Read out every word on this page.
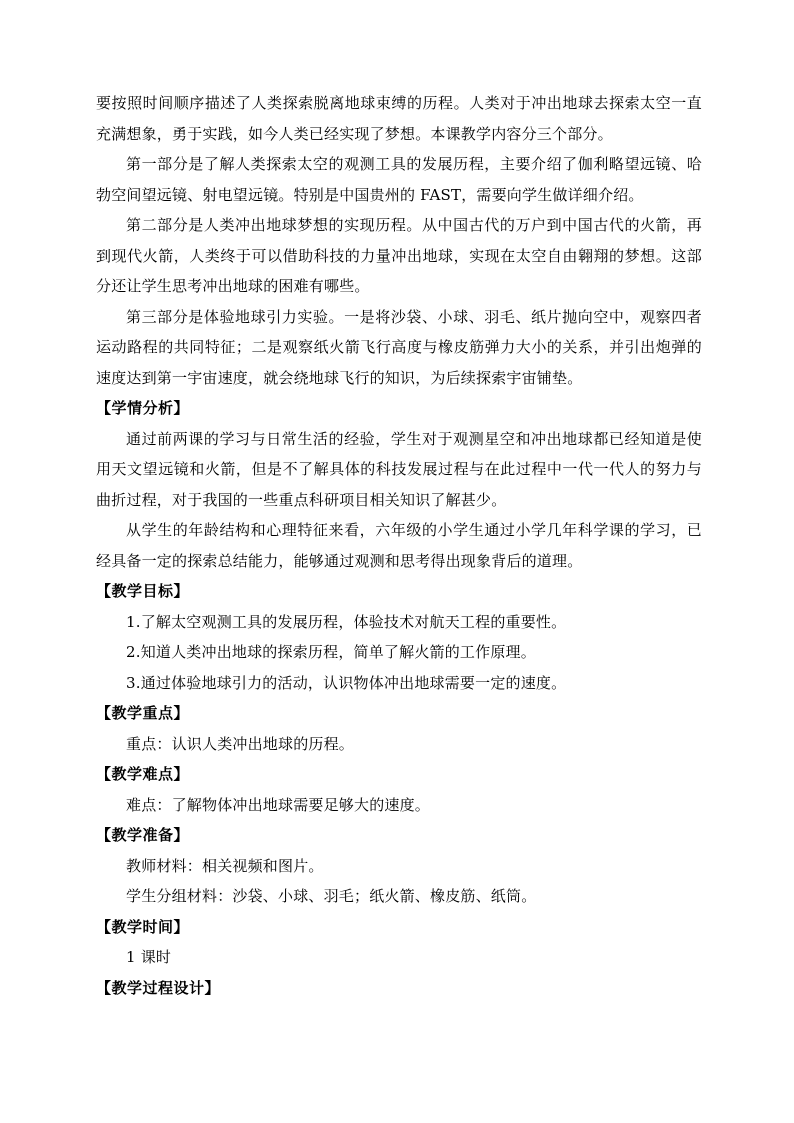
要按照时间顺序描述了人类探索脱离地球束缚的历程。人类对于冲出地球去探索太空一直充满想象，勇于实践，如今人类已经实现了梦想。本课教学内容分三个部分。

第一部分是了解人类探索太空的观测工具的发展历程，主要介绍了伽利略望远镜、哈勃空间望远镜、射电望远镜。特别是中国贵州的 FAST，需要向学生做详细介绍。

第二部分是人类冲出地球梦想的实现历程。从中国古代的万户到中国古代的火箭，再到现代火箭，人类终于可以借助科技的力量冲出地球，实现在太空自由翱翔的梦想。这部分还让学生思考冲出地球的困难有哪些。

第三部分是体验地球引力实验。一是将沙袋、小球、羽毛、纸片抛向空中，观察四者运动路程的共同特征；二是观察纸火箭飞行高度与橡皮筋弹力大小的关系，并引出炮弹的速度达到第一宇宙速度，就会绕地球飞行的知识，为后续探索宇宙铺垫。

【学情分析】

通过前两课的学习与日常生活的经验，学生对于观测星空和冲出地球都已经知道是使用天文望远镜和火箭，但是不了解具体的科技发展过程与在此过程中一代一代人的努力与曲折过程，对于我国的一些重点科研项目相关知识了解甚少。

从学生的年龄结构和心理特征来看，六年级的小学生通过小学几年科学课的学习，已经具备一定的探索总结能力，能够通过观测和思考得出现象背后的道理。

【教学目标】

1.了解太空观测工具的发展历程，体验技术对航天工程的重要性。

2.知道人类冲出地球的探索历程，简单了解火箭的工作原理。

3.通过体验地球引力的活动，认识物体冲出地球需要一定的速度。

【教学重点】

重点：认识人类冲出地球的历程。

【教学难点】

难点：了解物体冲出地球需要足够大的速度。

【教学准备】

教师材料：相关视频和图片。

学生分组材料：沙袋、小球、羽毛；纸火箭、橡皮筋、纸筒。

【教学时间】

1 课时

【教学过程设计】
